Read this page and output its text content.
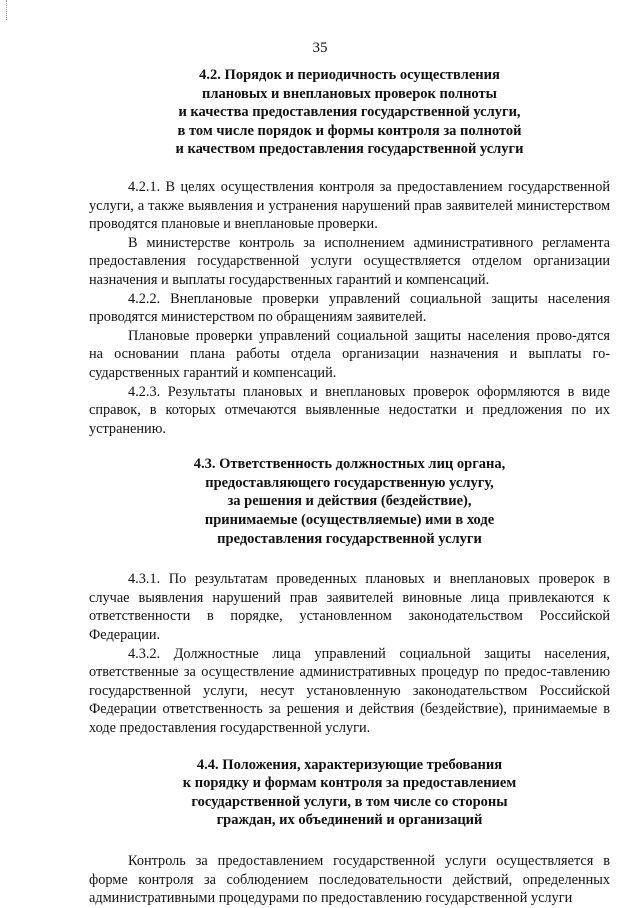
35
4.2. Порядок и периодичность осуществления
плановых и внеплановых проверок полноты
и качества предоставления государственной услуги,
в том числе порядок и формы контроля за полнотой
и качеством предоставления государственной услуги

4.2.1. В целях осуществления контроля за предоставлением государственной услуги, а также выявления и устранения нарушений прав заявителей министерством проводятся плановые и внеплановые проверки.

В министерстве контроль за исполнением административного регламента предоставления государственной услуги осуществляется отделом организации назначения и выплаты государственных гарантий и компенсаций.

4.2.2. Внеплановые проверки управлений социальной защиты населения проводятся министерством по обращениям заявителей.

Плановые проверки управлений социальной защиты населения прово-дятся на основании плана работы отдела организации назначения и выплаты го-сударственных гарантий и компенсаций.

4.2.3. Результаты плановых и внеплановых проверок оформляются в виде справок, в которых отмечаются выявленные недостатки и предложения по их устранению.

4.3. Ответственность должностных лиц органа,
предоставляющего государственную услугу,
за решения и действия (бездействие),
принимаемые (осуществляемые) ими в ходе
предоставления государственной услуги

4.3.1. По результатам проведенных плановых и внеплановых проверок в случае выявления нарушений прав заявителей виновные лица привлекаются к ответственности в порядке, установленном законодательством Российской Федерации.

4.3.2. Должностные лица управлений социальной защиты населения, ответственные за осуществление административных процедур по предос-тавлению государственной услуги, несут установленную законодательством Российской Федерации ответственность за решения и действия (бездействие), принимаемые в ходе предоставления государственной услуги.

4.4. Положения, характеризующие требования
к порядку и формам контроля за предоставлением
государственной услуги, в том числе со стороны
граждан, их объединений и организаций

Контроль за предоставлением государственной услуги осуществляется в форме контроля за соблюдением последовательности действий, определенных административными процедурами по предоставлению государственной услуги
